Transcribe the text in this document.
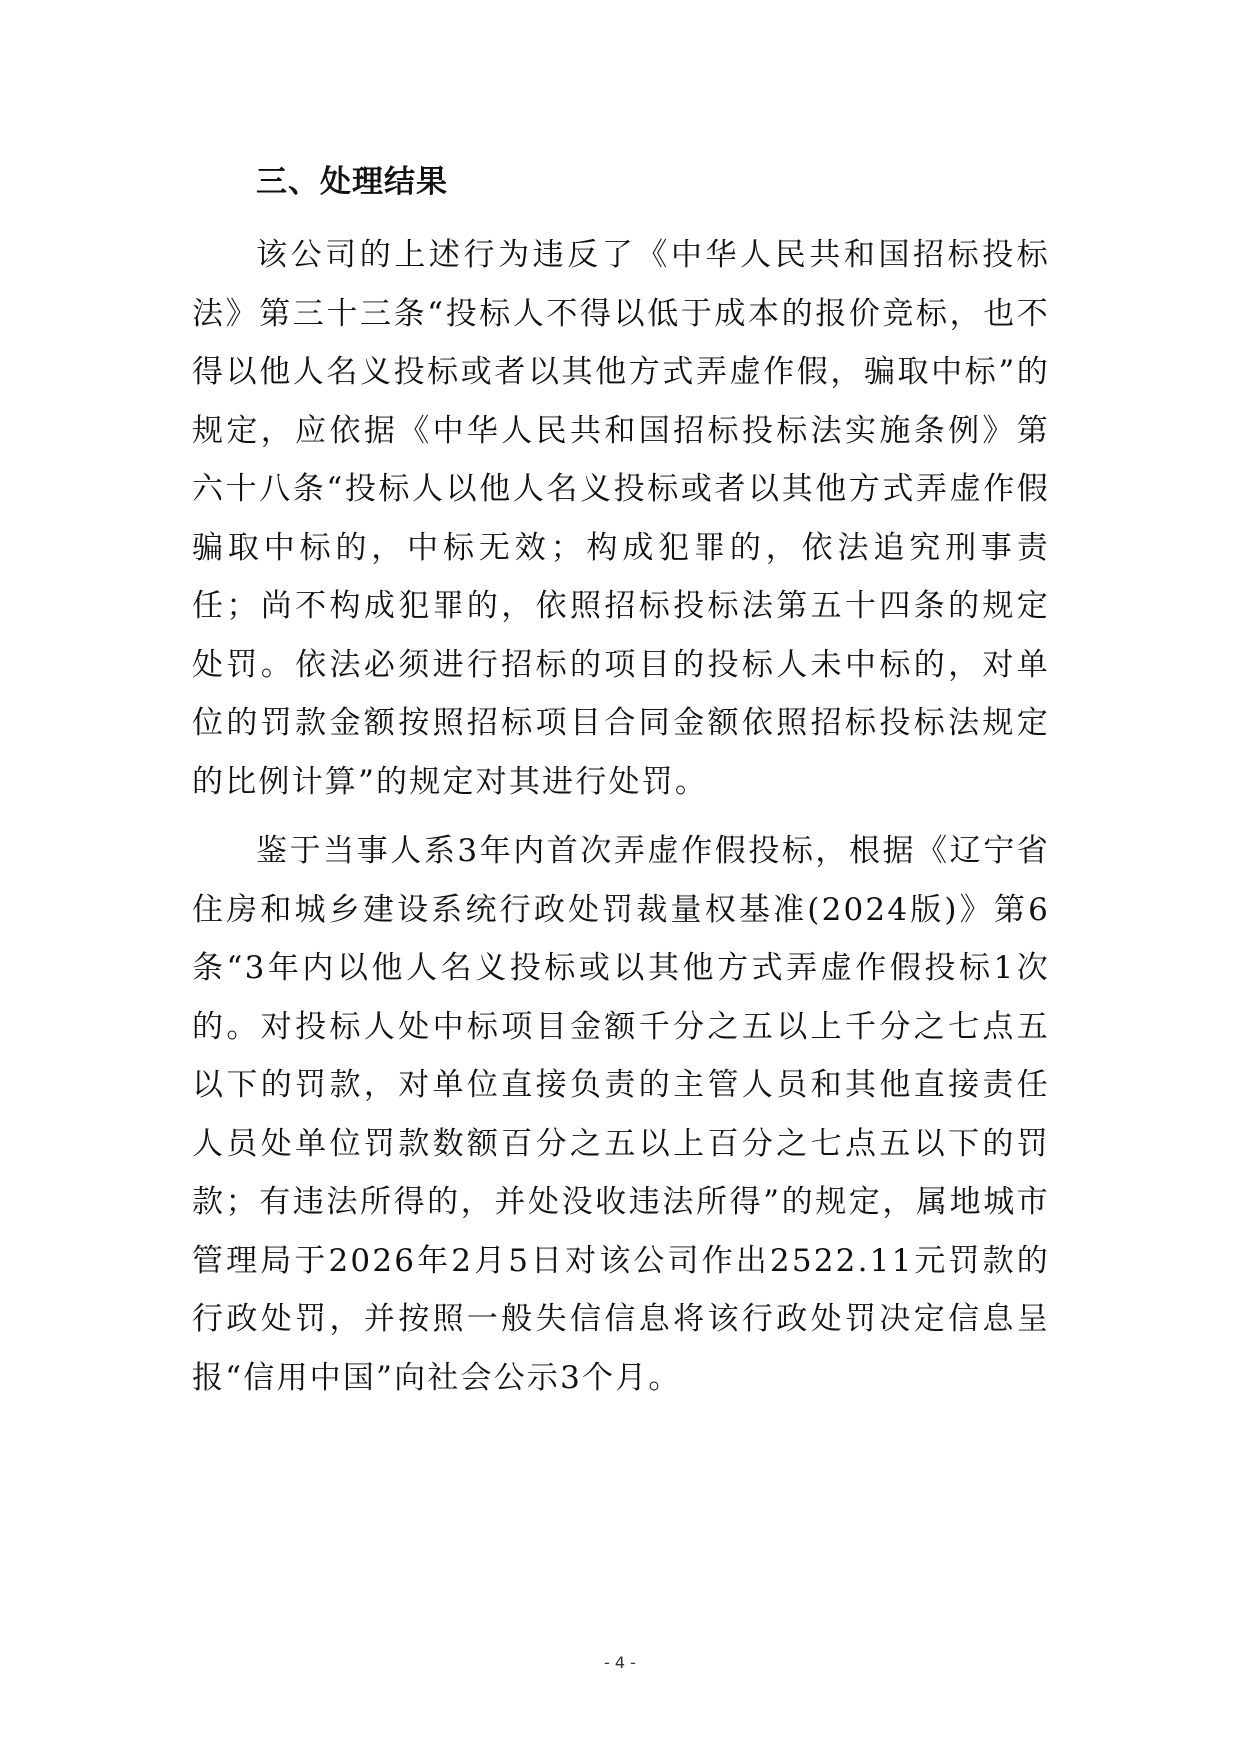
三、处理结果

该公司的上述行为违反了《中华人民共和国招标投标法》第三十三条“投标人不得以低于成本的报价竞标，也不得以他人名义投标或者以其他方式弄虚作假，骗取中标”的规定，应依据《中华人民共和国招标投标法实施条例》第六十八条“投标人以他人名义投标或者以其他方式弄虚作假骗取中标的，中标无效；构成犯罪的，依法追究刑事责任；尚不构成犯罪的，依照招标投标法第五十四条的规定处罚。依法必须进行招标的项目的投标人未中标的，对单位的罚款金额按照招标项目合同金额依照招标投标法规定的比例计算”的规定对其进行处罚。

鉴于当事人系3年内首次弄虚作假投标，根据《辽宁省住房和城乡建设系统行政处罚裁量权基准(2024版)》第6条“3年内以他人名义投标或以其他方式弄虚作假投标1次的。对投标人处中标项目金额千分之五以上千分之七点五以下的罚款，对单位直接负责的主管人员和其他直接责任人员处单位罚款数额百分之五以上百分之七点五以下的罚款；有违法所得的，并处没收违法所得”的规定，属地城市管理局于2026年2月5日对该公司作出2522.11元罚款的行政处罚，并按照一般失信信息将该行政处罚决定信息呈报“信用中国”向社会公示3个月。

- 4 -
